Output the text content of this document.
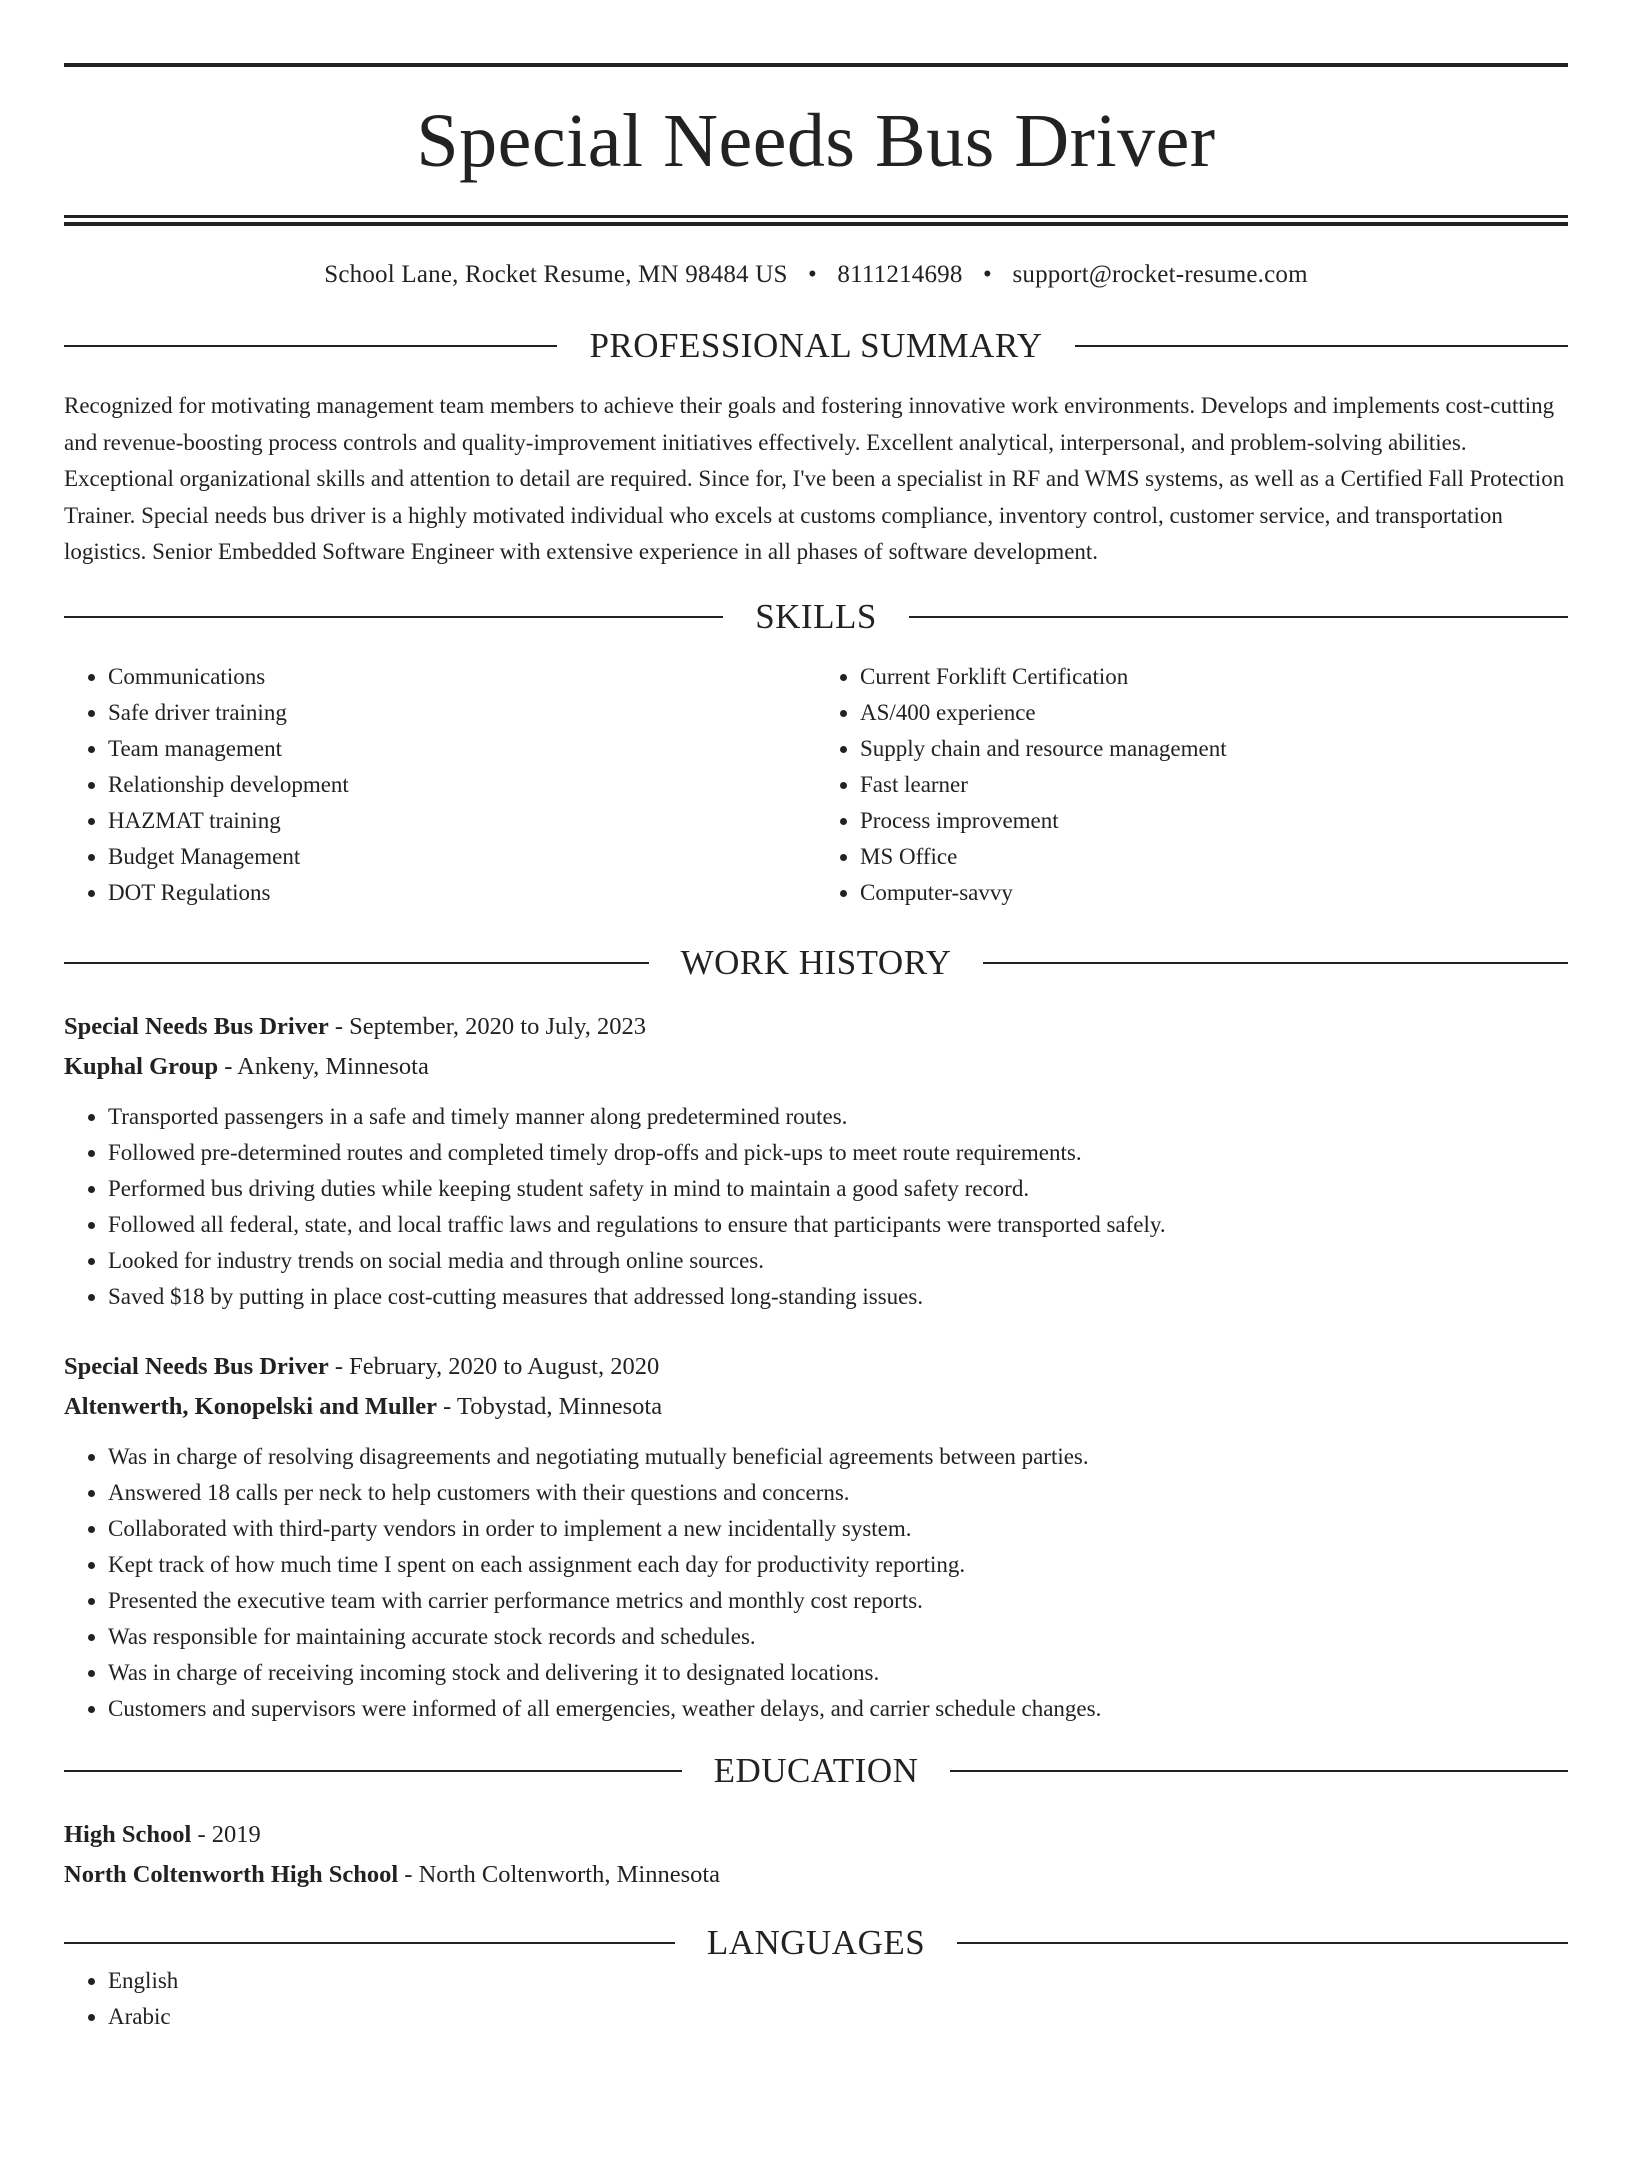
Special Needs Bus Driver
School Lane, Rocket Resume, MN 98484 US • 8111214698 • support@rocket-resume.com
PROFESSIONAL SUMMARY

Recognized for motivating management team members to achieve their goals and fostering innovative work environments. Develops and implements cost-cutting and revenue-boosting process controls and quality-improvement initiatives effectively. Excellent analytical, interpersonal, and problem-solving abilities. Exceptional organizational skills and attention to detail are required. Since for, I've been a specialist in RF and WMS systems, as well as a Certified Fall Protection Trainer. Special needs bus driver is a highly motivated individual who excels at customs compliance, inventory control, customer service, and transportation logistics. Senior Embedded Software Engineer with extensive experience in all phases of software development.

SKILLS
• Communications
• Safe driver training
• Team management
• Relationship development
• HAZMAT training
• Budget Management
• DOT Regulations
• Current Forklift Certification
• AS/400 experience
• Supply chain and resource management
• Fast learner
• Process improvement
• MS Office
• Computer-savvy
WORK HISTORY
Special Needs Bus Driver - September, 2020 to July, 2023
Kuphal Group - Ankeny, Minnesota
• Transported passengers in a safe and timely manner along predetermined routes.
• Followed pre-determined routes and completed timely drop-offs and pick-ups to meet route requirements.
• Performed bus driving duties while keeping student safety in mind to maintain a good safety record.
• Followed all federal, state, and local traffic laws and regulations to ensure that participants were transported safely.
• Looked for industry trends on social media and through online sources.
• Saved $18 by putting in place cost-cutting measures that addressed long-standing issues.
Special Needs Bus Driver - February, 2020 to August, 2020
Altenwerth, Konopelski and Muller - Tobystad, Minnesota
• Was in charge of resolving disagreements and negotiating mutually beneficial agreements between parties.
• Answered 18 calls per neck to help customers with their questions and concerns.
• Collaborated with third-party vendors in order to implement a new incidentally system.
• Kept track of how much time I spent on each assignment each day for productivity reporting.
• Presented the executive team with carrier performance metrics and monthly cost reports.
• Was responsible for maintaining accurate stock records and schedules.
• Was in charge of receiving incoming stock and delivering it to designated locations.
• Customers and supervisors were informed of all emergencies, weather delays, and carrier schedule changes.
EDUCATION
High School - 2019
North Coltenworth High School - North Coltenworth, Minnesota
LANGUAGES
• English
• Arabic
